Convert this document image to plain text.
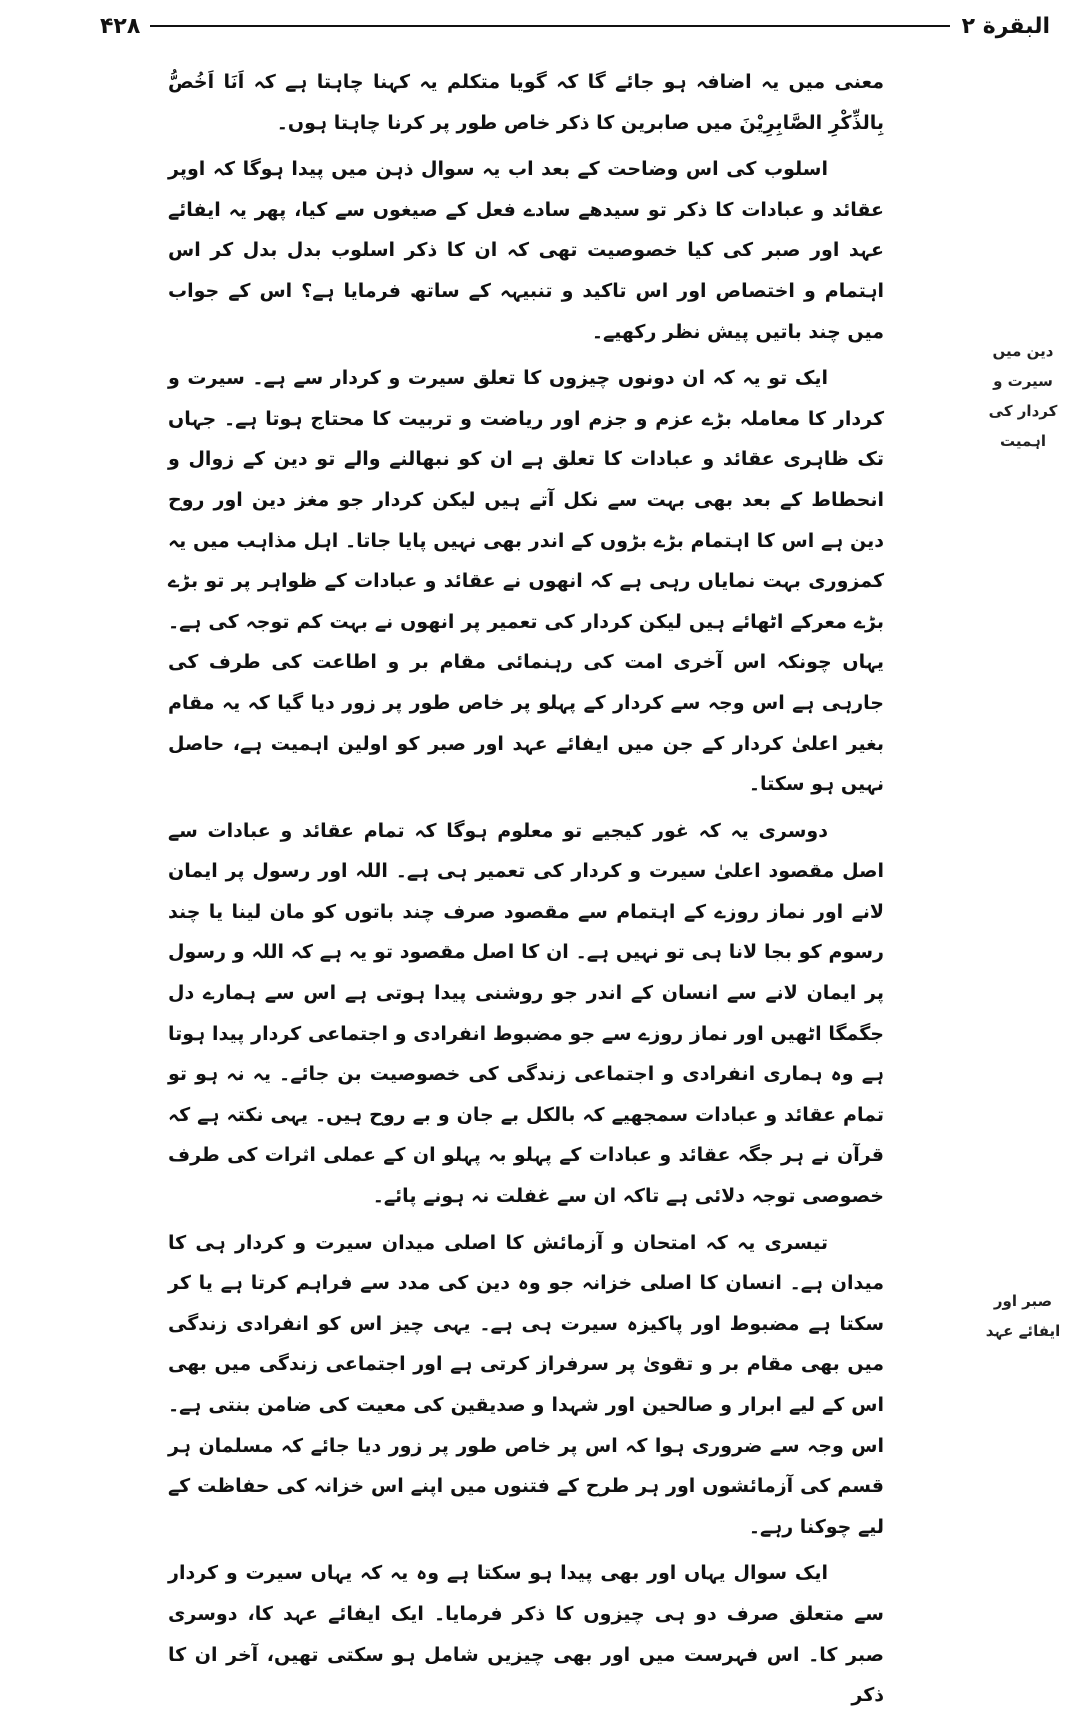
۴۲۸	البقرة ٢

معنی میں یہ اضافہ ہو جائے گا کہ گویا متکلم یہ کہنا چاہتا ہے کہ اَنَا اَخُصُّ بِالذِّکْرِ الصَّابِرِیْنَ میں صابرین کا ذکر خاص طور پر کرنا چاہتا ہوں۔

اسلوب کی اس وضاحت کے بعد اب یہ سوال ذہن میں پیدا ہوگا کہ اوپر عقائد و عبادات کا ذکر تو سیدھے سادے فعل کے صیغوں سے کیا، پھر یہ ایفائے عہد اور صبر کی کیا خصوصیت تھی کہ ان کا ذکر اسلوب بدل بدل کر اس اہتمام و اختصاص اور اس تاکید و تنبیہہ کے ساتھ فرمایا ہے؟ اس کے جواب میں چند باتیں پیش نظر رکھیے۔

ایک تو یہ کہ ان دونوں چیزوں کا تعلق سیرت و کردار سے ہے۔ سیرت و کردار کا معاملہ بڑے عزم و جزم اور ریاضت و تربیت کا محتاج ہوتا ہے۔ جہاں تک ظاہری عقائد و عبادات کا تعلق ہے ان کو نبھالنے والے تو دین کے زوال و انحطاط کے بعد بھی بہت سے نکل آتے ہیں لیکن کردار جو مغز دین اور روح دین ہے اس کا اہتمام بڑے بڑوں کے اندر بھی نہیں پایا جاتا۔ اہل مذاہب میں یہ کمزوری بہت نمایاں رہی ہے کہ انھوں نے عقائد و عبادات کے ظواہر پر تو بڑے بڑے معرکے اٹھائے ہیں لیکن کردار کی تعمیر پر انھوں نے بہت کم توجہ کی ہے۔ یہاں چونکہ اس آخری امت کی رہنمائی مقام بر و اطاعت کی طرف کی جارہی ہے اس وجہ سے کردار کے پہلو پر خاص طور پر زور دیا گیا کہ یہ مقام بغیر اعلیٰ کردار کے جن میں ایفائے عہد اور صبر کو اولین اہمیت ہے، حاصل نہیں ہو سکتا۔

دوسری یہ کہ غور کیجیے تو معلوم ہوگا کہ تمام عقائد و عبادات سے اصل مقصود اعلیٰ سیرت و کردار کی تعمیر ہی ہے۔ اللہ اور رسول پر ایمان لانے اور نماز روزے کے اہتمام سے مقصود صرف چند باتوں کو مان لینا یا چند رسوم کو بجا لانا ہی تو نہیں ہے۔ ان کا اصل مقصود تو یہ ہے کہ اللہ و رسول پر ایمان لانے سے انسان کے اندر جو روشنی پیدا ہوتی ہے اس سے ہمارے دل جگمگا اٹھیں اور نماز روزے سے جو مضبوط انفرادی و اجتماعی کردار پیدا ہوتا ہے وہ ہماری انفرادی و اجتماعی زندگی کی خصوصیت بن جائے۔ یہ نہ ہو تو تمام عقائد و عبادات سمجھیے کہ بالکل بے جان و بے روح ہیں۔ یہی نکتہ ہے کہ قرآن نے ہر جگہ عقائد و عبادات کے پہلو بہ پہلو ان کے عملی اثرات کی طرف خصوصی توجہ دلائی ہے تاکہ ان سے غفلت نہ ہونے پائے۔

تیسری یہ کہ امتحان و آزمائش کا اصلی میدان سیرت و کردار ہی کا میدان ہے۔ انسان کا اصلی خزانہ جو وہ دین کی مدد سے فراہم کرتا ہے یا کر سکتا ہے مضبوط اور پاکیزہ سیرت ہی ہے۔ یہی چیز اس کو انفرادی زندگی میں بھی مقام بر و تقویٰ پر سرفراز کرتی ہے اور اجتماعی زندگی میں بھی اس کے لیے ابرار و صالحین اور شہدا و صدیقین کی معیت کی ضامن بنتی ہے۔ اس وجہ سے ضروری ہوا کہ اس پر خاص طور پر زور دیا جائے کہ مسلمان ہر قسم کی آزمائشوں اور ہر طرح کے فتنوں میں اپنے اس خزانہ کی حفاظت کے لیے چوکنا رہے۔

ایک سوال یہاں اور بھی پیدا ہو سکتا ہے وہ یہ کہ یہاں سیرت و کردار سے متعلق صرف دو ہی چیزوں کا ذکر فرمایا۔ ایک ایفائے عہد کا، دوسری صبر کا۔ اس فہرست میں اور بھی چیزیں شامل ہو سکتی تھیں، آخر ان کا ذکر

دین میں سیرت و کردار کی اہمیت
صبر اور ایفائے عہد
